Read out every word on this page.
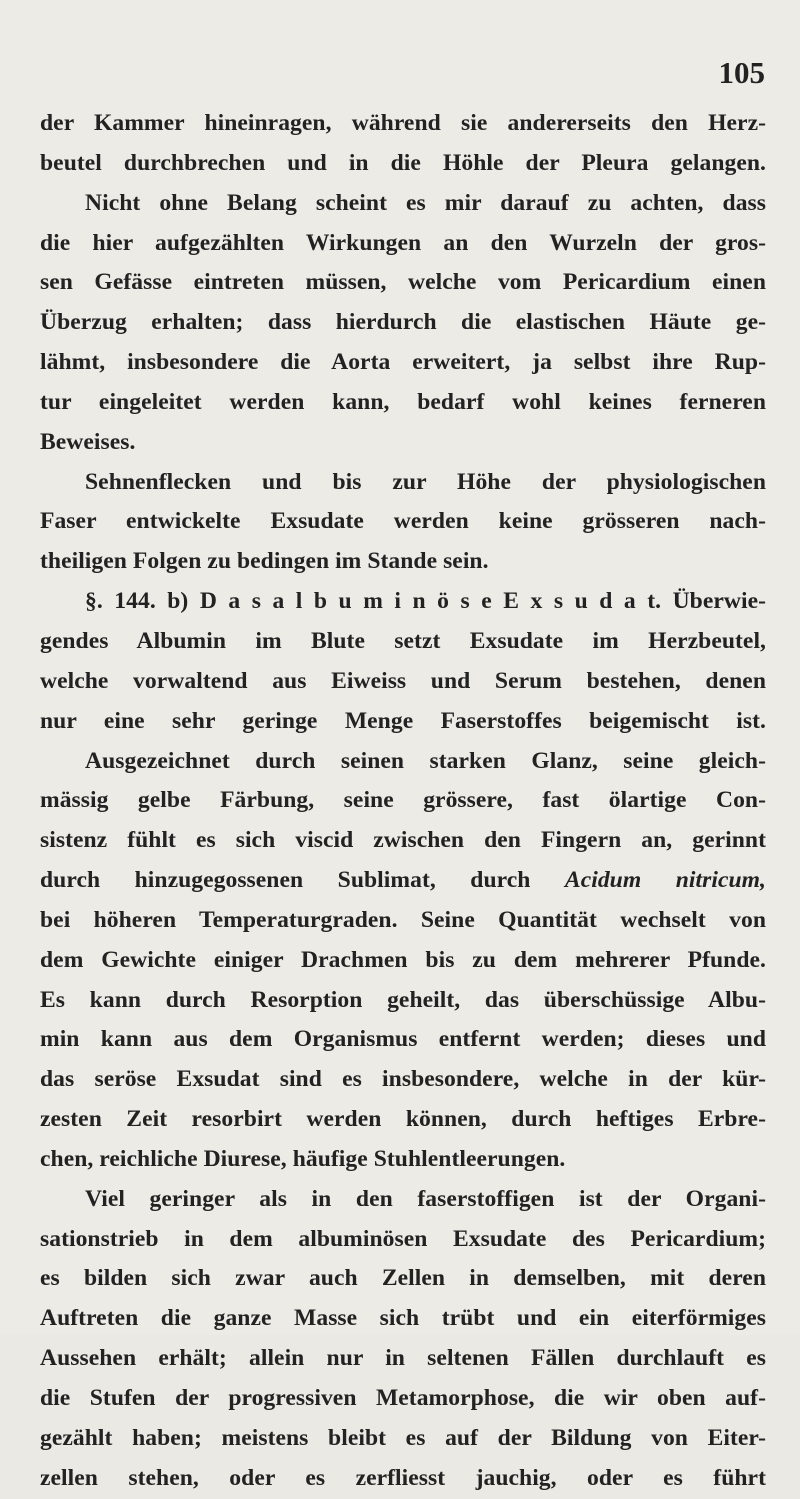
105
der Kammer hineinragen, während sie andererseits den Herz-
beutel durchbrechen und in die Höhle der Pleura gelangen.
Nicht ohne Belang scheint es mir darauf zu achten, dass
die hier aufgezählten Wirkungen an den Wurzeln der gros-
sen Gefässe eintreten müssen, welche vom Pericardium einen
Überzug erhalten; dass hierdurch die elastischen Häute ge-
lähmt, insbesondere die Aorta erweitert, ja selbst ihre Rup-
tur eingeleitet werden kann, bedarf wohl keines ferneren
Beweises.
Sehnenflecken und bis zur Höhe der physiologischen
Faser entwickelte Exsudate werden keine grösseren nach-
theiligen Folgen zu bedingen im Stande sein.
§. 144. b) D a s a l b u m i n ö s e E x s u d a t. Überwie-
gendes Albumin im Blute setzt Exsudate im Herzbeutel,
welche vorwaltend aus Eiweiss und Serum bestehen, denen
nur eine sehr geringe Menge Faserstoffes beigemischt ist.
Ausgezeichnet durch seinen starken Glanz, seine gleich-
mässig gelbe Färbung, seine grössere, fast ölartige Con-
sistenz fühlt es sich viscid zwischen den Fingern an, gerinnt
durch hinzugegossenen Sublimat, durch Acidum nitricum,
bei höheren Temperaturgraden. Seine Quantität wechselt von
dem Gewichte einiger Drachmen bis zu dem mehrerer Pfunde.
Es kann durch Resorption geheilt, das überschüssige Albu-
min kann aus dem Organismus entfernt werden; dieses und
das seröse Exsudat sind es insbesondere, welche in der kür-
zesten Zeit resorbirt werden können, durch heftiges Erbre-
chen, reichliche Diurese, häufige Stuhlentleerungen.
Viel geringer als in den faserstoffigen ist der Organi-
sationstrieb in dem albuminösen Exsudate des Pericardium;
es bilden sich zwar auch Zellen in demselben, mit deren
Auftreten die ganze Masse sich trübt und ein eiterförmiges
Aussehen erhält; allein nur in seltenen Fällen durchlauft es
die Stufen der progressiven Metamorphose, die wir oben auf-
gezählt haben; meistens bleibt es auf der Bildung von Eiter-
zellen stehen, oder es zerfliesst jauchig, oder es führt
